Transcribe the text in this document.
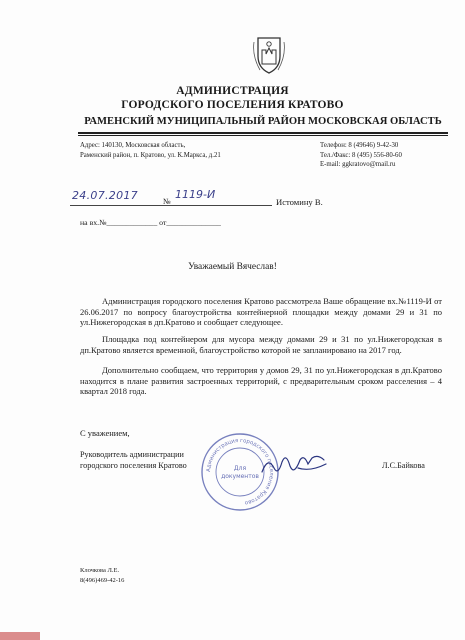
АДМИНИСТРАЦИЯ
ГОРОДСКОГО ПОСЕЛЕНИЯ КРАТОВО
РАМЕНСКИЙ МУНИЦИПАЛЬНЫЙ РАЙОН МОСКОВСКАЯ ОБЛАСТЬ
Адрес: 140130, Московская область,
Раменский район, п. Кратово, ул. К.Маркса, д.21
Телефон: 8 (49646) 9-42-30
Тел./Факс: 8 (495) 556-80-60
E-mail: ggkratovo@mail.ru
24.07.2017	№
1119-И
Истомину В.
на вх.№_____________ от______________
Уважаемый Вячеслав!

Администрация городского поселения Кратово рассмотрела Ваше обращение вх.№1119-И от 26.06.2017 по вопросу благоустройства контейнерной площадки между домами 29 и 31 по ул.Нижегородская в дп.Кратово и сообщает следующее.

Площадка под контейнером для мусора между домами 29 и 31 по ул.Нижегородская в дп.Кратово является временной, благоустройство которой не запланировано на 2017 год.

Дополнительно сообщаем, что территория у домов 29, 31 по ул.Нижегородская в дп.Кратово находится в плане развития застроенных территорий, с предварительным сроком расселения – 4 квартал 2018 года.

С уважением,
Администрация городского поселения Кратово
Для
документов
Руководитель администрации
городского поселения Кратово	Л.С.Байкова
Клочкова Л.Е.
8(496)469-42-16
